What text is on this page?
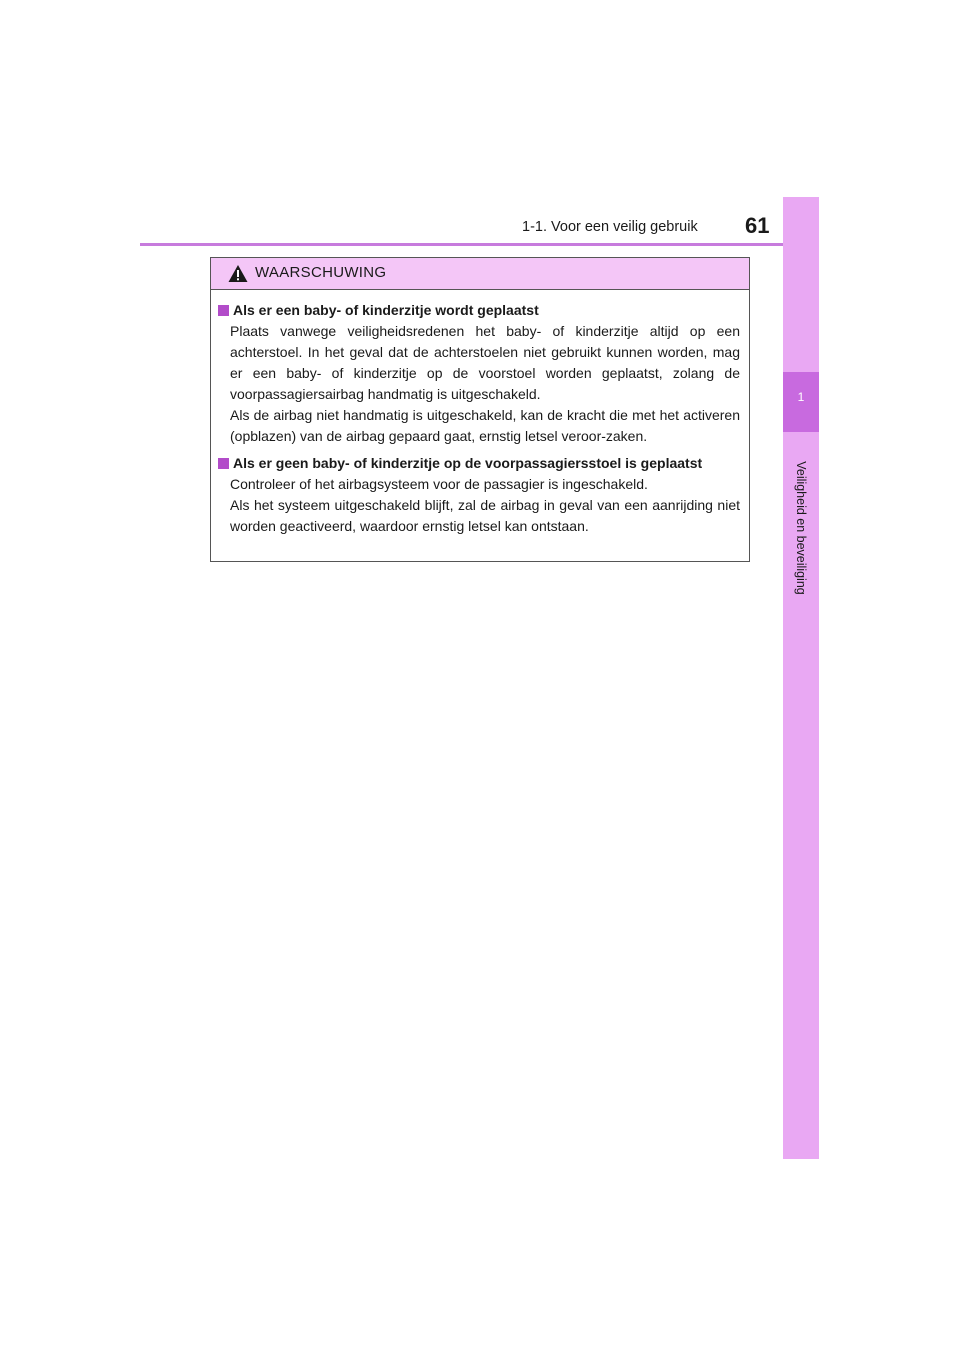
1-1. Voor een veilig gebruik 61
1
Veiligheid en beveiliging
WAARSCHUWING
Als er een baby- of kinderzitje wordt geplaatst

Plaats vanwege veiligheidsredenen het baby- of kinderzitje altijd op een achterstoel. In het geval dat de achterstoelen niet gebruikt kunnen worden, mag er een baby- of kinderzitje op de voorstoel worden geplaatst, zolang de voorpassagiersairbag handmatig is uitgeschakeld.

Als de airbag niet handmatig is uitgeschakeld, kan de kracht die met het activeren (opblazen) van de airbag gepaard gaat, ernstig letsel veroor-zaken.

Als er geen baby- of kinderzitje op de voorpassagiersstoel is geplaatst

Controleer of het airbagsysteem voor de passagier is ingeschakeld.

Als het systeem uitgeschakeld blijft, zal de airbag in geval van een aanrijding niet worden geactiveerd, waardoor ernstig letsel kan ontstaan.
